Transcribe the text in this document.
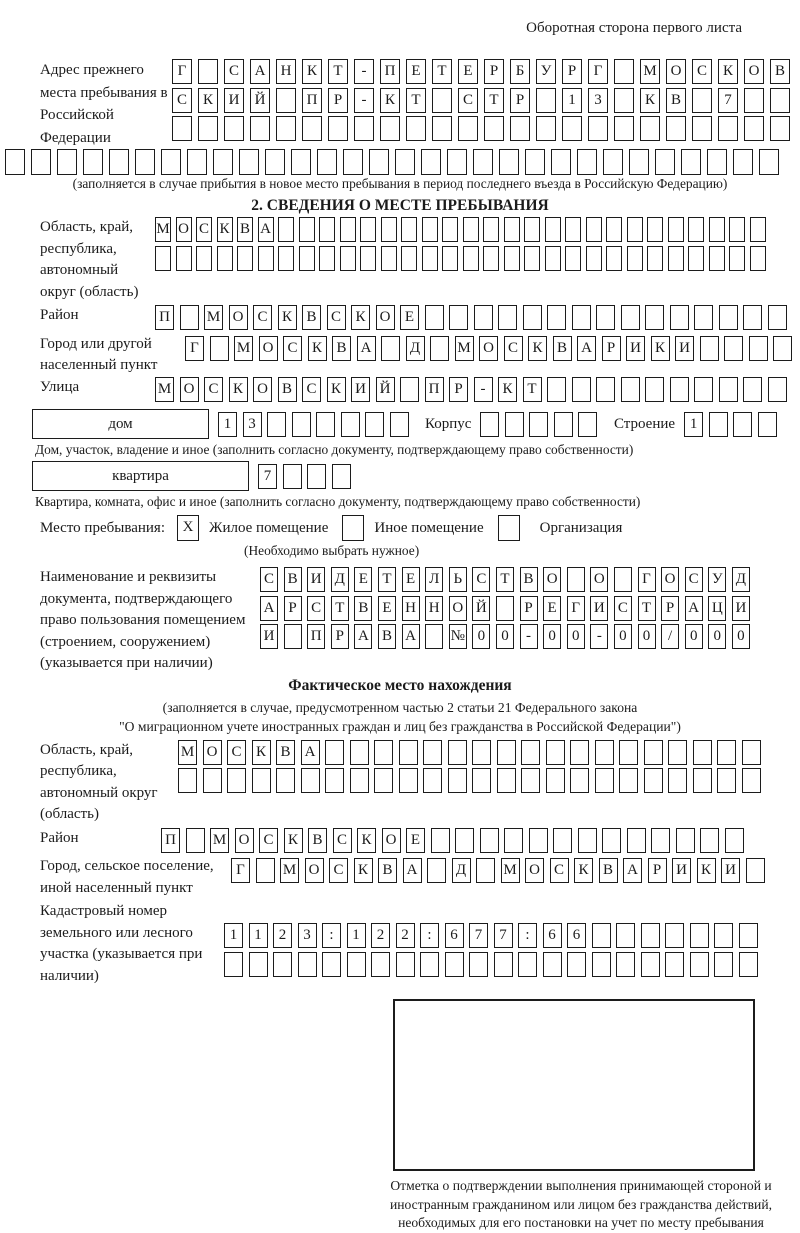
Оборотная сторона первого листа
Адрес прежнего места пребывания в Российской Федерации
Г	С	А	Н	К	Т	-	П	Е	Т	Е	Р	Б	У	Р	Г	М О	С	К	О	В
С	К	И	Й	П	Р	-	К	Т	С	Т	Р	1	3	К	В	7
(заполняется в случае прибытия в новое место пребывания в период последнего въезда в Российскую Федерацию)
2. СВЕДЕНИЯ О МЕСТЕ ПРЕБЫВАНИЯ
Область, край, республика, автономный округ (область)
М О С К В А
Район	П М О С К В С К О Е
Город или другой населенный пункт
Г	М О С К В А	Д М О С К В А Р И К И
Улица	М О С К О В С К И Й	П Р	-	К Т
дом	1	3	Корпус	Строение 1
Дом, участок, владение и иное (заполнить согласно документу, подтверждающему право собственности)
квартира	7
Квартира, комната, офис и иное (заполнить согласно документу, подтверждающему право собственности)
Место пребывания:	X	Жилое помещение	Иное помещение	Организация
(Необходимо выбрать нужное)
Наименование и реквизиты документа, подтверждающего право пользования помещением (строением, сооружением) (указывается при наличии)
С В И Д Е Т Е Л Ь С Т В О О	Г О С У Д
А Р С Т В Е Н Н О Й	Р Е Г И С Т Р А Ц И
И П Р А В А № 0	0	-	0	0	-	0	0	/	0	0	0
Фактическое место нахождения
(заполняется в случае, предусмотренном частью 2 статьи 21 Федерального закона
"О миграционном учете иностранных граждан и лиц без гражданства в Российской Федерации")
Область, край, республика, автономный округ (область)
М О С К В А
Район	П М О С К В С К О Е
Город, сельское поселение, иной населенный пункт
Г	М О С К В А	Д М О С К В А Р И К И
Кадастровый номер земельного или лесного участка (указывается при наличии)
1	1	2	3	:	1	2	2	:	6	7	7	:	6	6
Отметка о подтверждении выполнения принимающей стороной и иностранным гражданином или лицом без гражданства действий, необходимых для его постановки на учет по месту пребывания
